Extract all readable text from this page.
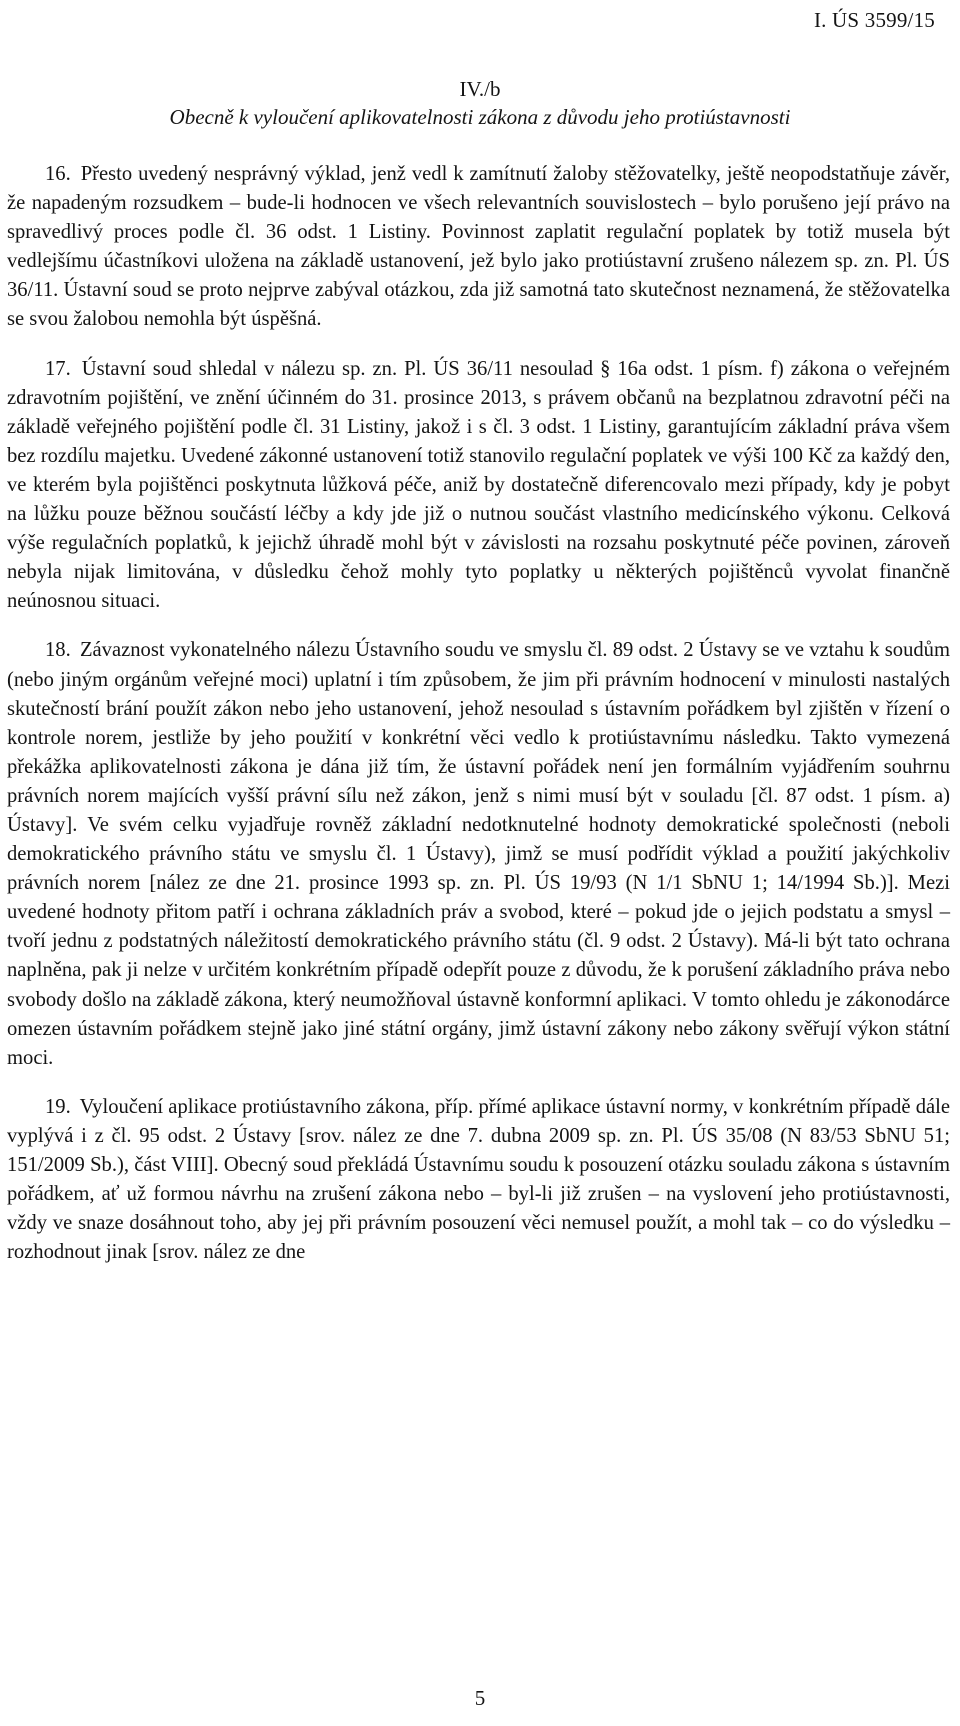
I. ÚS 3599/15
IV./b
Obecně k vyloučení aplikovatelnosti zákona z důvodu jeho protiústavnosti

16. Přesto uvedený nesprávný výklad, jenž vedl k zamítnutí žaloby stěžovatelky, ještě neopodstatňuje závěr, že napadeným rozsudkem – bude-li hodnocen ve všech relevantních souvislostech – bylo porušeno její právo na spravedlivý proces podle čl. 36 odst. 1 Listiny. Povinnost zaplatit regulační poplatek by totiž musela být vedlejšímu účastníkovi uložena na základě ustanovení, jež bylo jako protiústavní zrušeno nálezem sp. zn. Pl. ÚS 36/11. Ústavní soud se proto nejprve zabýval otázkou, zda již samotná tato skutečnost neznamená, že stěžovatelka se svou žalobou nemohla být úspěšná.

17. Ústavní soud shledal v nálezu sp. zn. Pl. ÚS 36/11 nesoulad § 16a odst. 1 písm. f) zákona o veřejném zdravotním pojištění, ve znění účinném do 31. prosince 2013, s právem občanů na bezplatnou zdravotní péči na základě veřejného pojištění podle čl. 31 Listiny, jakož i s čl. 3 odst. 1 Listiny, garantujícím základní práva všem bez rozdílu majetku. Uvedené zákonné ustanovení totiž stanovilo regulační poplatek ve výši 100 Kč za každý den, ve kterém byla pojištěnci poskytnuta lůžková péče, aniž by dostatečně diferencovalo mezi případy, kdy je pobyt na lůžku pouze běžnou součástí léčby a kdy jde již o nutnou součást vlastního medicínského výkonu. Celková výše regulačních poplatků, k jejichž úhradě mohl být v závislosti na rozsahu poskytnuté péče povinen, zároveň nebyla nijak limitována, v důsledku čehož mohly tyto poplatky u některých pojištěnců vyvolat finančně neúnosnou situaci.

18. Závaznost vykonatelného nálezu Ústavního soudu ve smyslu čl. 89 odst. 2 Ústavy se ve vztahu k soudům (nebo jiným orgánům veřejné moci) uplatní i tím způsobem, že jim při právním hodnocení v minulosti nastalých skutečností brání použít zákon nebo jeho ustanovení, jehož nesoulad s ústavním pořádkem byl zjištěn v řízení o kontrole norem, jestliže by jeho použití v konkrétní věci vedlo k protiústavnímu následku. Takto vymezená překážka aplikovatelnosti zákona je dána již tím, že ústavní pořádek není jen formálním vyjádřením souhrnu právních norem majících vyšší právní sílu než zákon, jenž s nimi musí být v souladu [čl. 87 odst. 1 písm. a) Ústavy]. Ve svém celku vyjadřuje rovněž základní nedotknutelné hodnoty demokratické společnosti (neboli demokratického právního státu ve smyslu čl. 1 Ústavy), jimž se musí podřídit výklad a použití jakýchkoliv právních norem [nález ze dne 21. prosince 1993 sp. zn. Pl. ÚS 19/93 (N 1/1 SbNU 1; 14/1994 Sb.)]. Mezi uvedené hodnoty přitom patří i ochrana základních práv a svobod, které – pokud jde o jejich podstatu a smysl – tvoří jednu z podstatných náležitostí demokratického právního státu (čl. 9 odst. 2 Ústavy). Má-li být tato ochrana naplněna, pak ji nelze v určitém konkrétním případě odepřít pouze z důvodu, že k porušení základního práva nebo svobody došlo na základě zákona, který neumožňoval ústavně konformní aplikaci. V tomto ohledu je zákonodárce omezen ústavním pořádkem stejně jako jiné státní orgány, jimž ústavní zákony nebo zákony svěřují výkon státní moci.

19. Vyloučení aplikace protiústavního zákona, příp. přímé aplikace ústavní normy, v konkrétním případě dále vyplývá i z čl. 95 odst. 2 Ústavy [srov. nález ze dne 7. dubna 2009 sp. zn. Pl. ÚS 35/08 (N 83/53 SbNU 51; 151/2009 Sb.), část VIII]. Obecný soud překládá Ústavnímu soudu k posouzení otázku souladu zákona s ústavním pořádkem, ať už formou návrhu na zrušení zákona nebo – byl-li již zrušen – na vyslovení jeho protiústavnosti, vždy ve snaze dosáhnout toho, aby jej při právním posouzení věci nemusel použít, a mohl tak – co do výsledku – rozhodnout jinak [srov. nález ze dne

5
